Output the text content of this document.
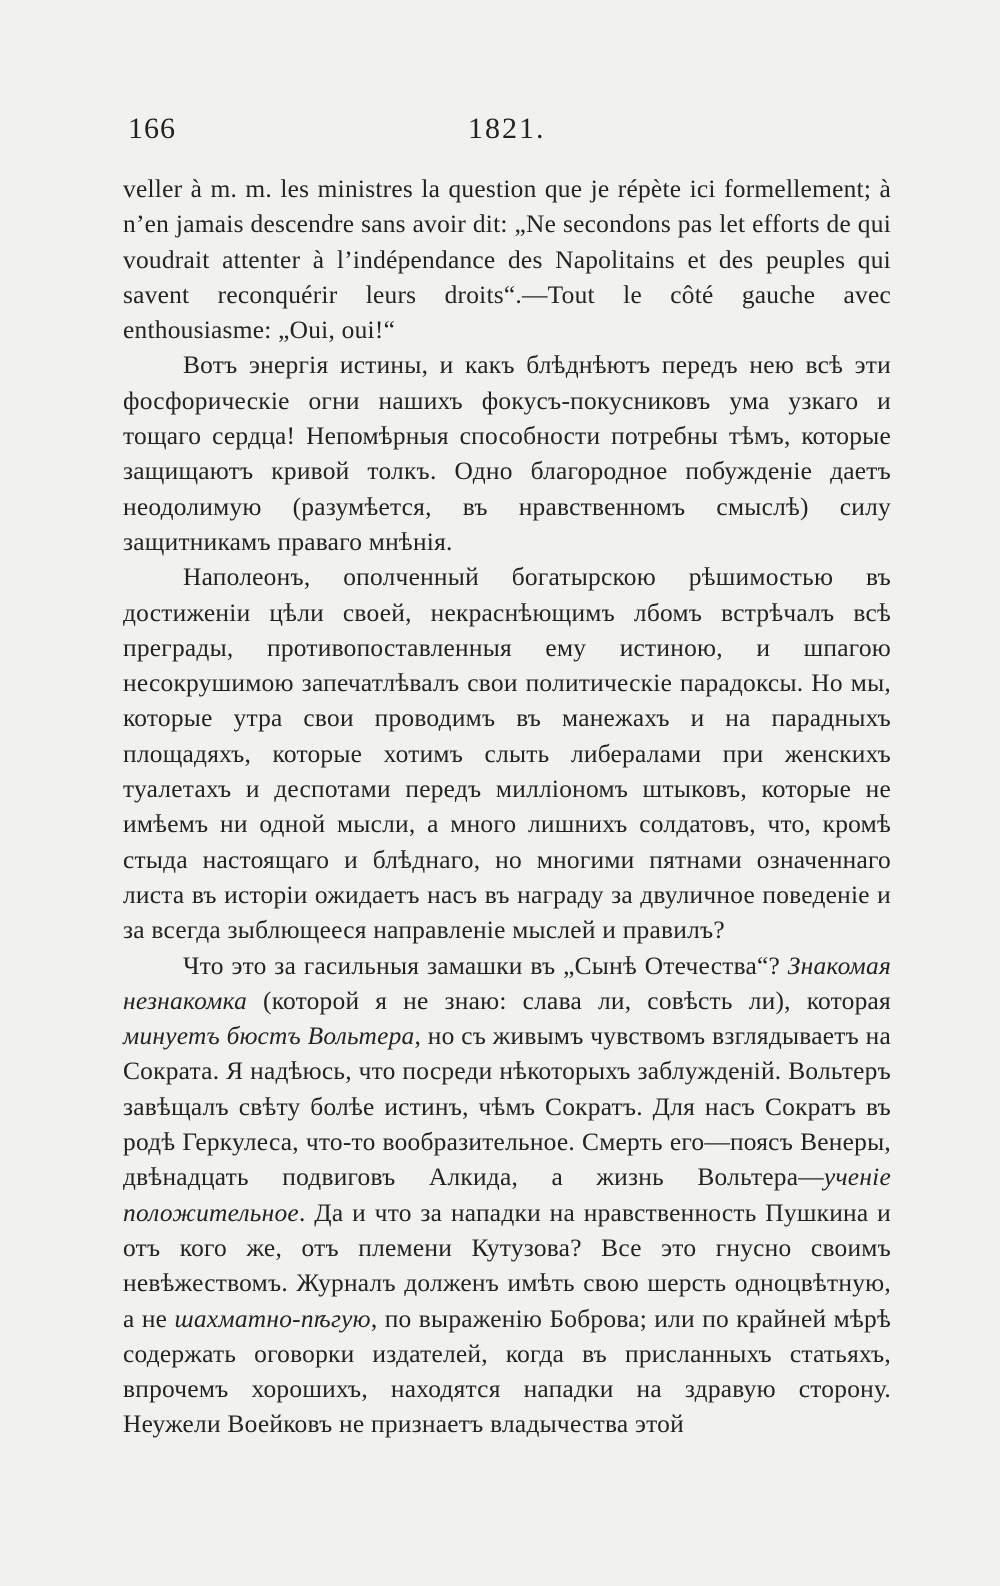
166	1821.

veller à m. m. les ministres la question que je répète ici formellement; à n’en jamais descendre sans avoir dit: „Ne secondons pas let efforts de qui voudrait attenter à l’indépendance des Napolitains et des peuples qui savent reconquérir leurs droits“.—Tout le côté gauche avec enthousiasme: „Oui, oui!“

Вотъ энергія истины, и какъ блѣднѣютъ передъ нею всѣ эти фосфорическіе огни нашихъ фокусъ-покусниковъ ума узкаго и тощаго сердца! Непомѣрныя способности потребны тѣмъ, которые защищаютъ кривой толкъ. Одно благородное побужденіе даетъ неодолимую (разумѣется, въ нравственномъ смыслѣ) силу защитникамъ праваго мнѣнія.

Наполеонъ, ополченный богатырскою рѣшимостью въ достиженіи цѣли своей, некраснѣющимъ лбомъ встрѣчалъ всѣ преграды, противопоставленныя ему истиною, и шпагою несокрушимою запечатлѣвалъ свои политическіе парадоксы. Но мы, которые утра свои проводимъ въ манежахъ и на парадныхъ площадяхъ, которые хотимъ слыть либералами при женскихъ туалетахъ и деспотами передъ милліономъ штыковъ, которые не имѣемъ ни одной мысли, а много лишнихъ солдатовъ, что, кромѣ стыда настоящаго и блѣднаго, но многими пятнами означеннаго листа въ исторіи ожидаетъ насъ въ награду за двуличное поведеніе и за всегда зыблющееся направленіе мыслей и правилъ?

Что это за гасильныя замашки въ „Сынѣ Отечества“? Знакомая незнакомка (которой я не знаю: слава ли, совѣсть ли), которая минуетъ бюстъ Вольтера, но съ живымъ чувствомъ взглядываетъ на Сократа. Я надѣюсь, что посреди нѣкоторыхъ заблужденій. Вольтеръ завѣщалъ свѣту болѣе истинъ, чѣмъ Сократъ. Для насъ Сократъ въ родѣ Геркулеса, что-то вообразительное. Смерть его—поясъ Венеры, двѣнадцать подвиговъ Алкида, а жизнь Вольтера—ученіе положительное. Да и что за нападки на нравственность Пушкина и отъ кого же, отъ племени Кутузова? Все это гнусно своимъ невѣжествомъ. Журналъ долженъ имѣть свою шерсть одноцвѣтную, а не шахматно-пѣгую, по выраженію Боброва; или по крайней мѣрѣ содержать оговорки издателей, когда въ присланныхъ статьяхъ, впрочемъ хорошихъ, находятся нападки на здравую сторону. Неужели Воейковъ не признаетъ владычества этой
